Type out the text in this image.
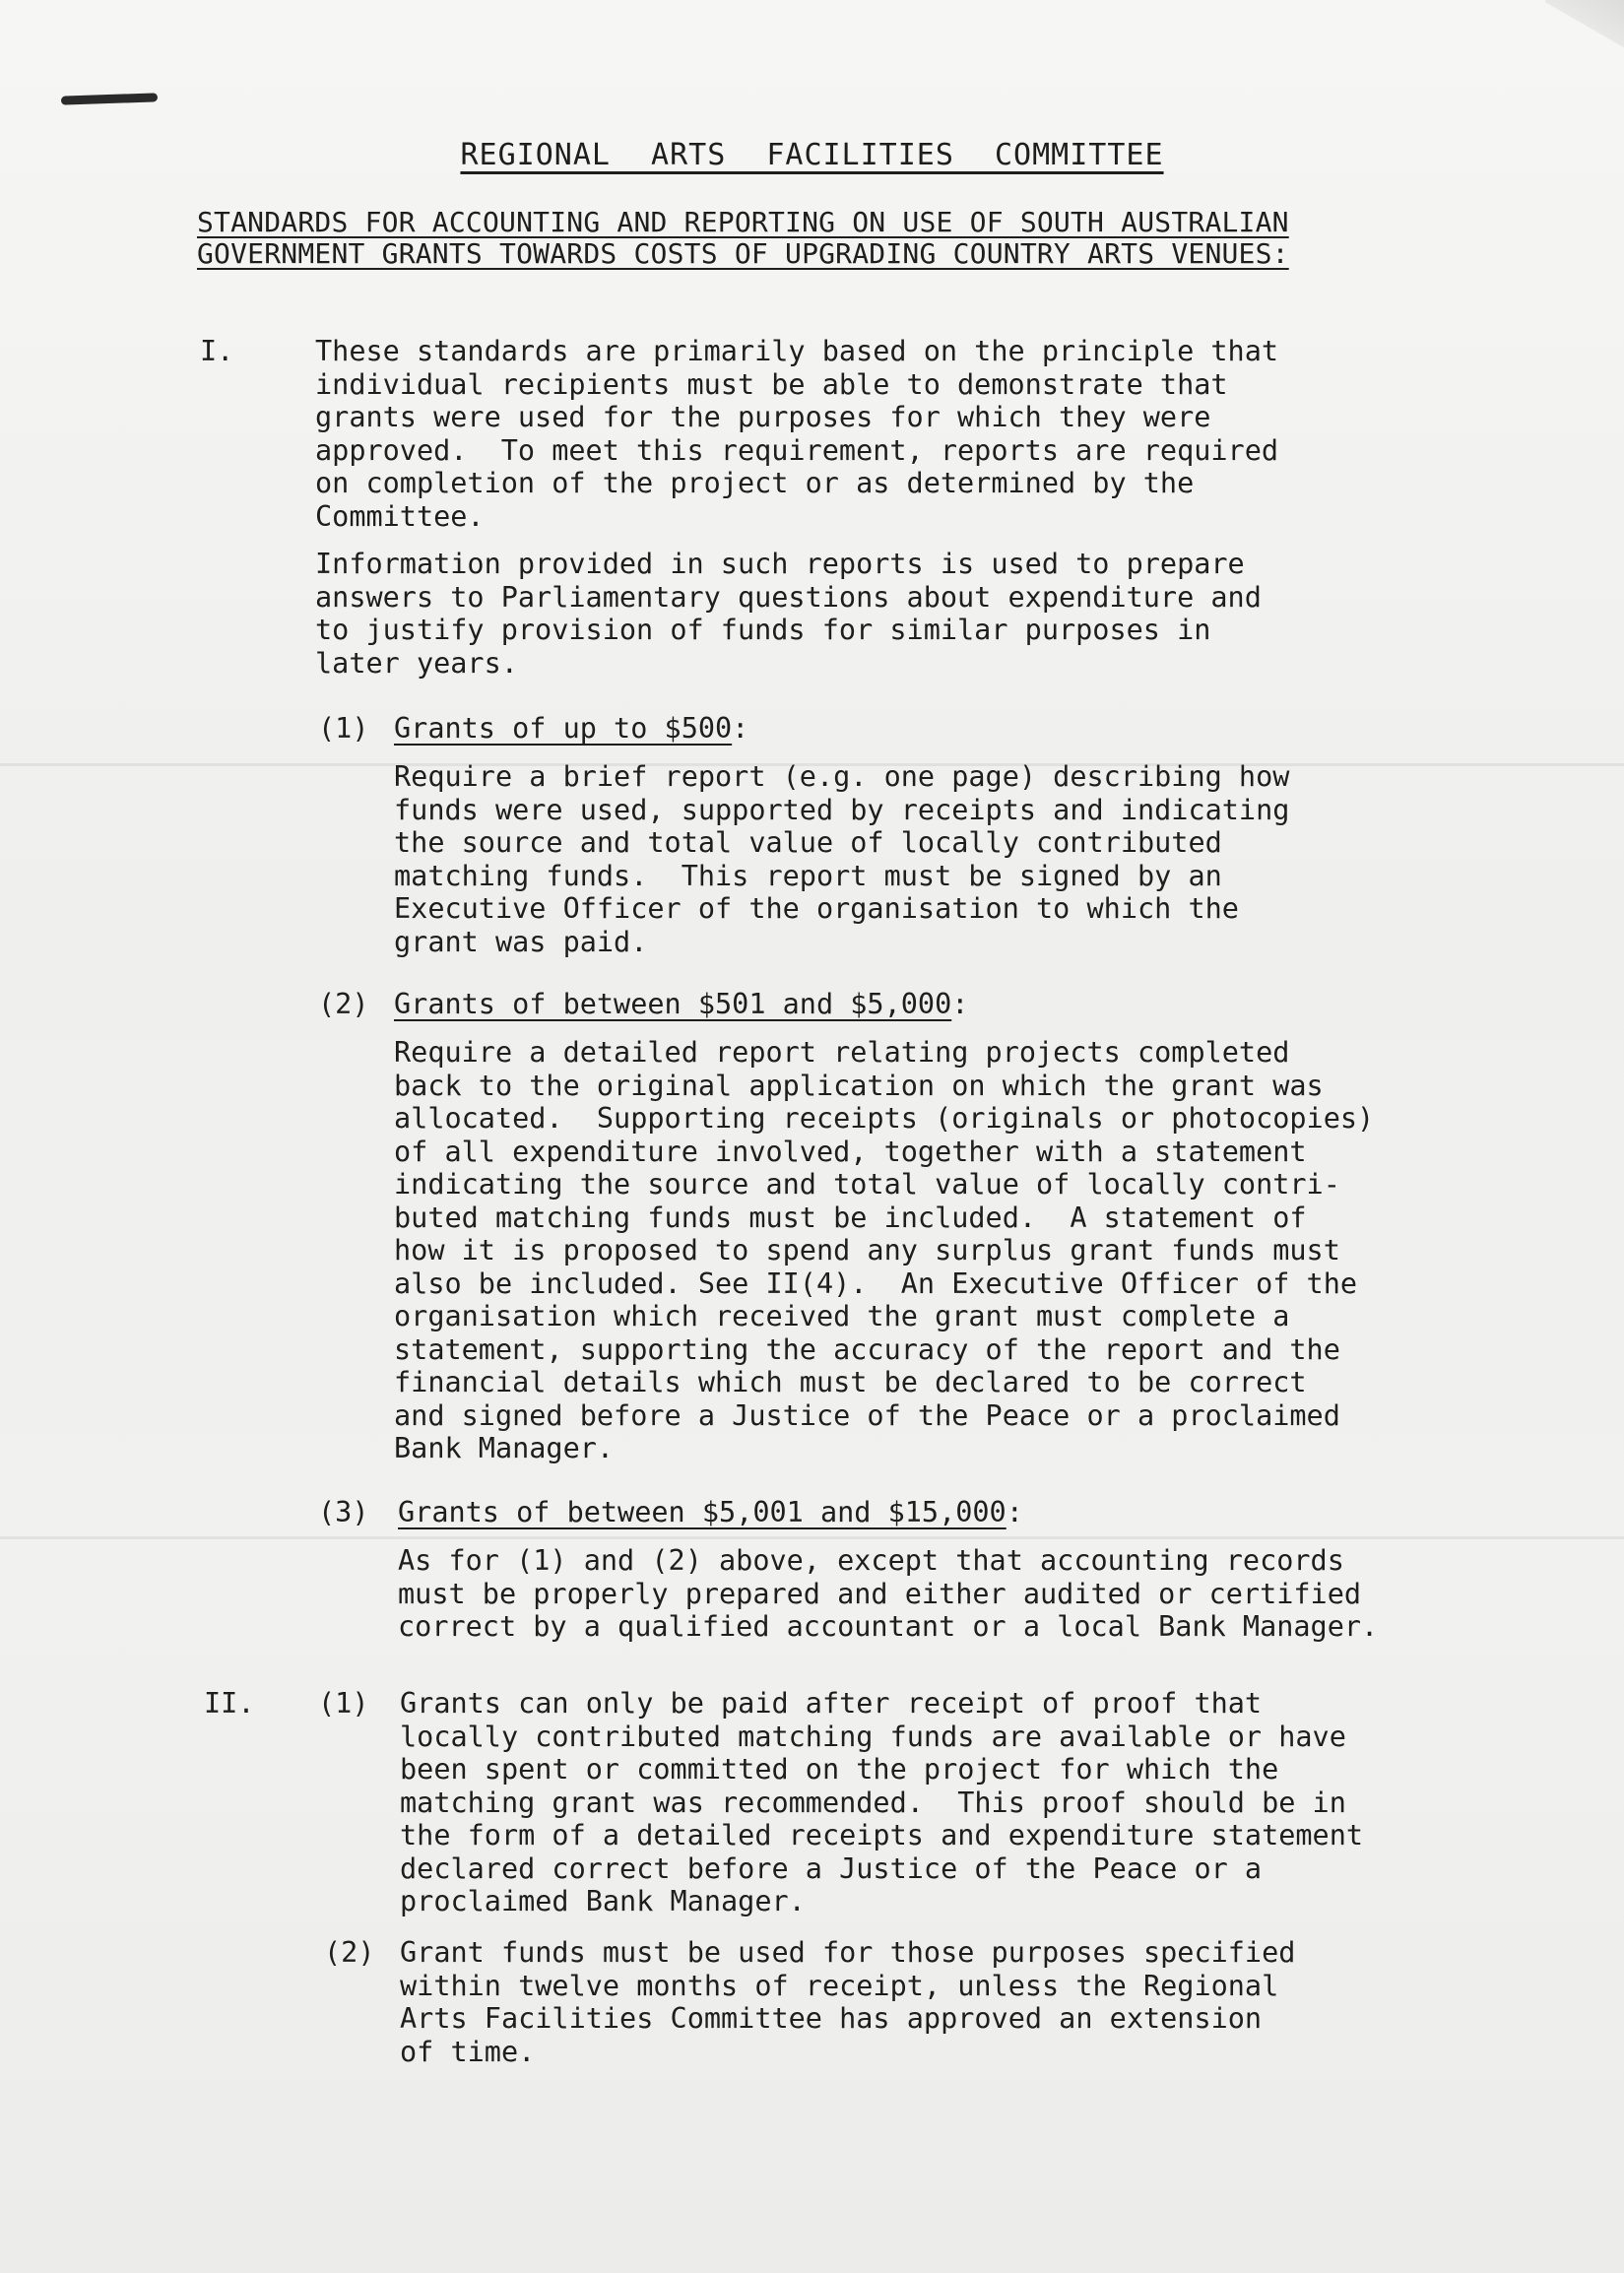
REGIONAL ARTS FACILITIES COMMITTEE
STANDARDS FOR ACCOUNTING AND REPORTING ON USE OF SOUTH AUSTRALIAN
GOVERNMENT GRANTS TOWARDS COSTS OF UPGRADING COUNTRY ARTS VENUES:
I.	These standards are primarily based on the principle that
individual recipients must be able to demonstrate that
grants were used for the purposes for which they were
approved.  To meet this requirement, reports are required
on completion of the project or as determined by the
Committee.
Information provided in such reports is used to prepare
answers to Parliamentary questions about expenditure and
to justify provision of funds for similar purposes in
later years.
(1) Grants of up to $500:
Require a brief report (e.g. one page) describing how
funds were used, supported by receipts and indicating
the source and total value of locally contributed
matching funds.  This report must be signed by an
Executive Officer of the organisation to which the
grant was paid.
(2) Grants of between $501 and $5,000:
Require a detailed report relating projects completed
back to the original application on which the grant was
allocated.  Supporting receipts (originals or photocopies)
of all expenditure involved, together with a statement
indicating the source and total value of locally contri-
buted matching funds must be included.  A statement of
how it is proposed to spend any surplus grant funds must
also be included. See II(4).  An Executive Officer of the
organisation which received the grant must complete a
statement, supporting the accuracy of the report and the
financial details which must be declared to be correct
and signed before a Justice of the Peace or a proclaimed
Bank Manager.
(3) Grants of between $5,001 and $15,000:
As for (1) and (2) above, except that accounting records
must be properly prepared and either audited or certified
correct by a qualified accountant or a local Bank Manager.
II. (1) Grants can only be paid after receipt of proof that
locally contributed matching funds are available or have
been spent or committed on the project for which the
matching grant was recommended.  This proof should be in
the form of a detailed receipts and expenditure statement
declared correct before a Justice of the Peace or a
proclaimed Bank Manager.
(2) Grant funds must be used for those purposes specified
within twelve months of receipt, unless the Regional
Arts Facilities Committee has approved an extension
of time.
